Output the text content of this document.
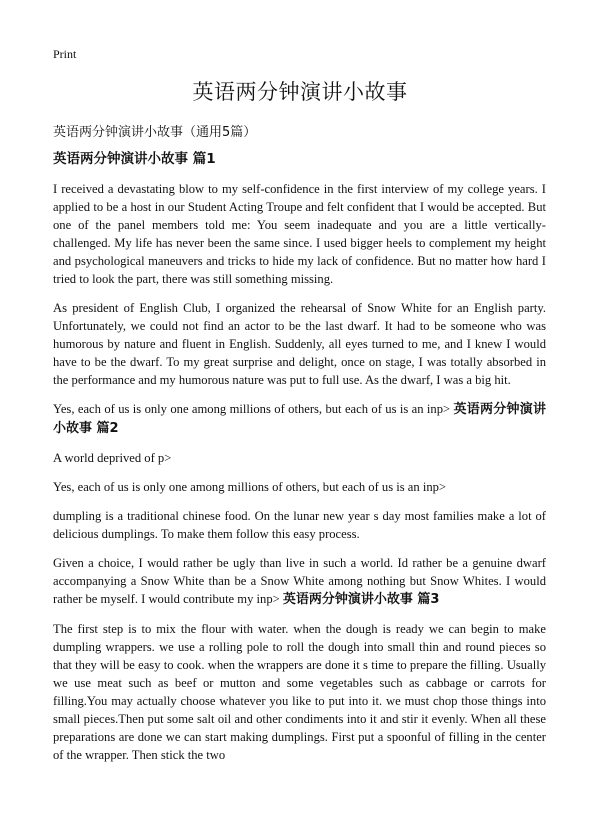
Print
英语两分钟演讲小故事
英语两分钟演讲小故事（通用5篇）

英语两分钟演讲小故事 篇1

I received a devastating blow to my self-confidence in the first interview of my college years. I applied to be a host in our Student Acting Troupe and felt confident that I would be accepted. But one of the panel members told me: You seem inadequate and you are a little vertically-challenged. My life has never been the same since. I used bigger heels to complement my height and psychological maneuvers and tricks to hide my lack of confidence. But no matter how hard I tried to look the part, there was still something missing.

As president of English Club, I organized the rehearsal of Snow White for an English party. Unfortunately, we could not find an actor to be the last dwarf. It had to be someone who was humorous by nature and fluent in English. Suddenly, all eyes turned to me, and I knew I would have to be the dwarf. To my great surprise and delight, once on stage, I was totally absorbed in the performance and my humorous nature was put to full use. As the dwarf, I was a big hit.

Yes, each of us is only one among millions of others, but each of us is an inp> 英语两分钟演讲小故事 篇2

A world deprived of p>

Yes, each of us is only one among millions of others, but each of us is an inp>

dumpling is a traditional chinese food. On the lunar new year s day most families make a lot of delicious dumplings. To make them follow this easy process.

Given a choice, I would rather be ugly than live in such a world. Id rather be a genuine dwarf accompanying a Snow White than be a Snow White among nothing but Snow Whites. I would rather be myself. I would contribute my inp> 英语两分钟演讲小故事 篇3

The first step is to mix the flour with water. when the dough is ready we can begin to make dumpling wrappers. we use a rolling pole to roll the dough into small thin and round pieces so that they will be easy to cook. when the wrappers are done it s time to prepare the filling. Usually we use meat such as beef or mutton and some vegetables such as cabbage or carrots for filling.You may actually choose whatever you like to put into it. we must chop those things into small pieces.Then put some salt oil and other condiments into it and stir it evenly. When all these preparations are done we can start making dumplings. First put a spoonful of filling in the center of the wrapper. Then stick the two
